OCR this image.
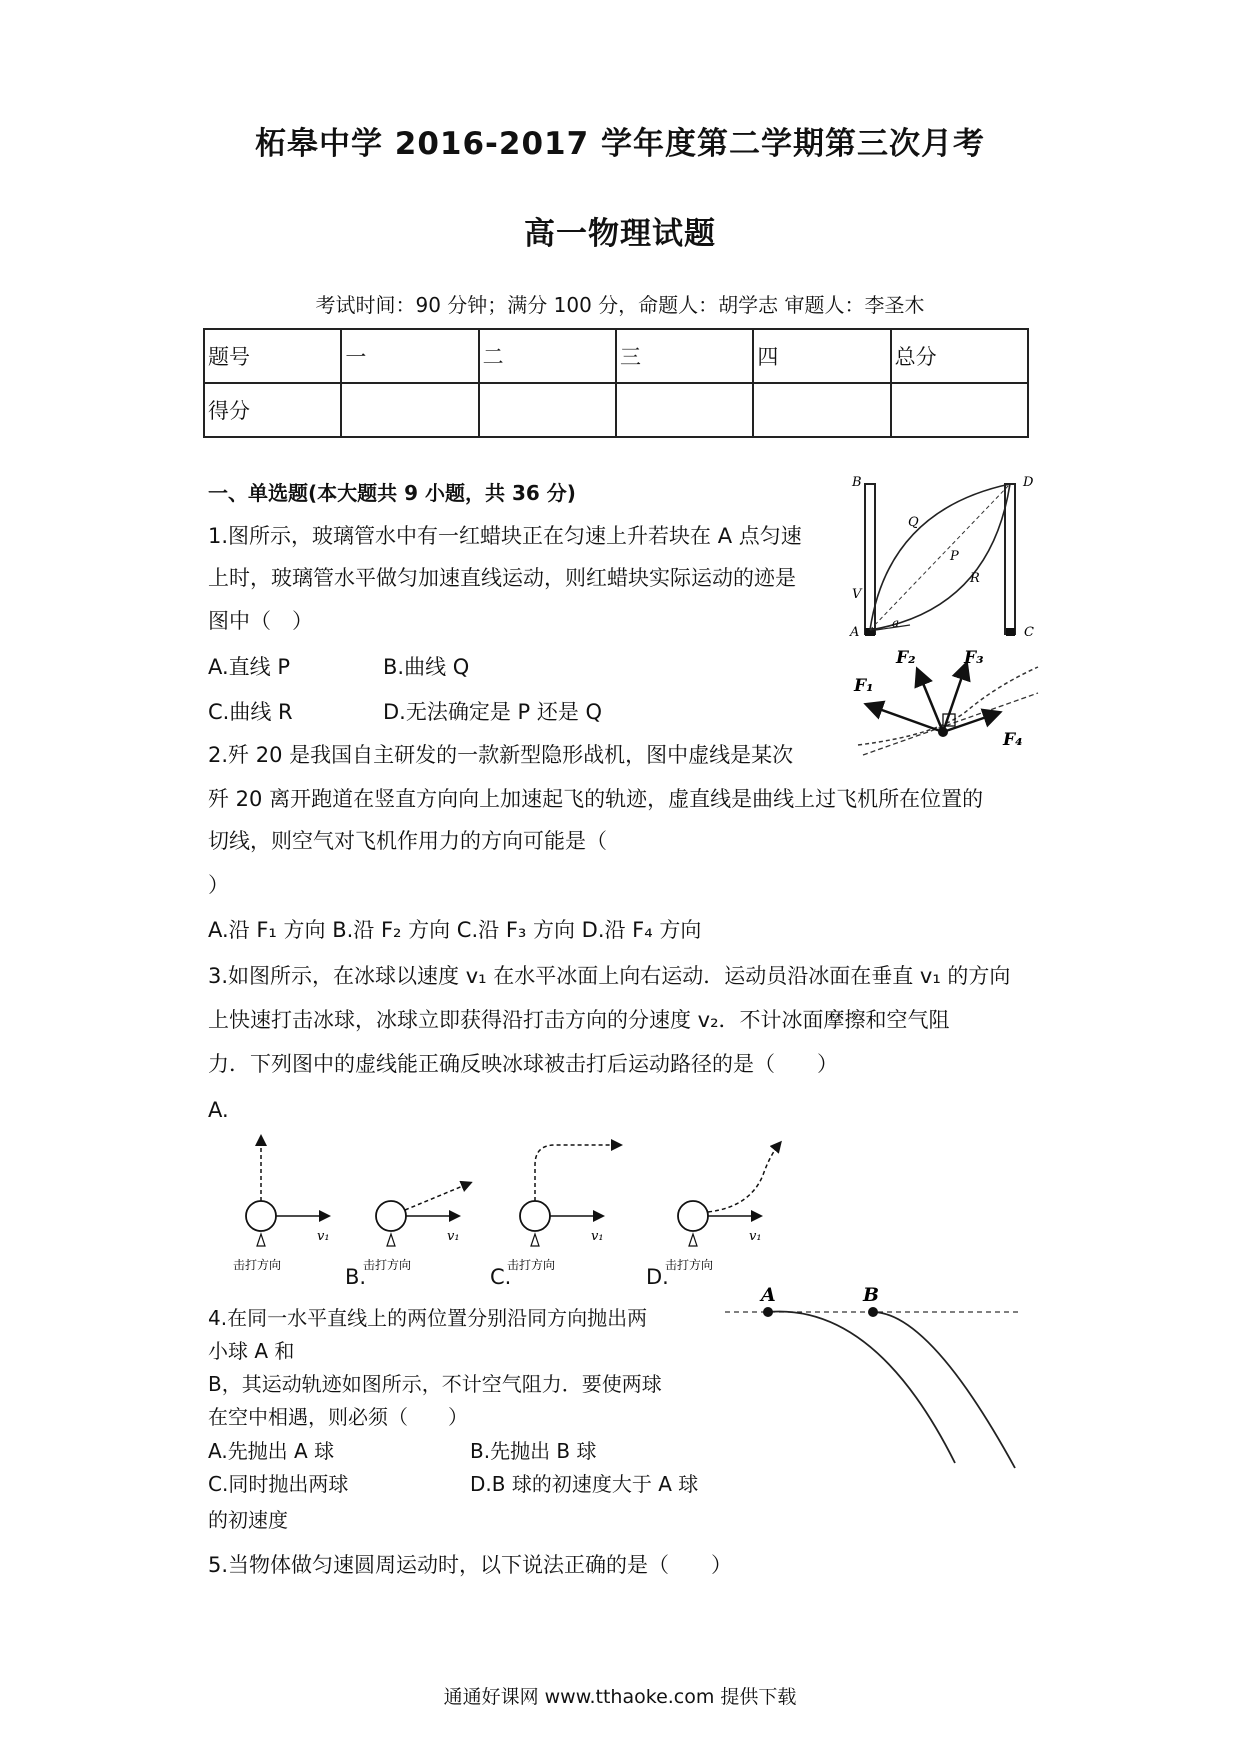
柘皋中学 2016-2017 学年度第二学期第三次月考
高一物理试题
考试时间：90 分钟；满分 100 分，命题人：胡学志 审题人：李圣木
题号	一	二	三	四	总分
得分					
一、单选题(本大题共 9 小题，共 36 分)
1.图所示，玻璃管水中有一红蜡块正在匀速上升若块在 A 点匀速
上时，玻璃管水平做匀加速直线运动，则红蜡块实际运动的迹是
图中（　）
A.直线 P	B.曲线 Q
C.曲线 R	D.无法确定是 P 还是 Q
B	D
Q
P
R
V
A
a
C
2.歼 20 是我国自主研发的一款新型隐形战机，图中虚线是某次
歼 20 离开跑道在竖直方向向上加速起飞的轨迹，虚直线是曲线上过飞机所在位置的
切线，则空气对飞机作用力的方向可能是（
）
A.沿 F₁ 方向 B.沿 F₂ 方向 C.沿 F₃ 方向 D.沿 F₄ 方向
F₁
F₂	F₃
F₄
3.如图所示，在冰球以速度 v₁ 在水平冰面上向右运动．运动员沿冰面在垂直 v₁ 的方向
上快速打击冰球，冰球立即获得沿打击方向的分速度 v₂．不计冰面摩擦和空气阻
力．下列图中的虚线能正确反映冰球被击打后运动路径的是（　　）
A.
B.	C.	D.
v₁
击打方向
v₁
击打方向
v₁
击打方向
v₁
击打方向
4.在同一水平直线上的两位置分别沿同方向抛出两
小球 A 和
B，其运动轨迹如图所示，不计空气阻力．要使两球
在空中相遇，则必须（　　）
A.先抛出 A 球	B.先抛出 B 球
C.同时抛出两球	D.B 球的初速度大于 A 球
的初速度
A	B
5.当物体做匀速圆周运动时，以下说法正确的是（　　）
通通好课网 www.tthaoke.com 提供下载
